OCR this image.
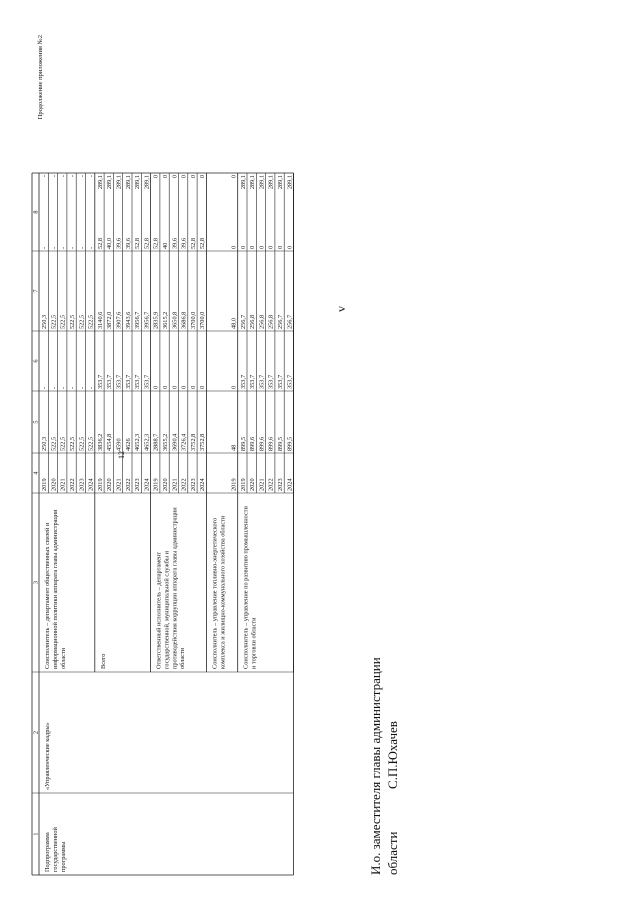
12
Продолжение приложения №2
1
2
3
4
5
6
7
8
2019
250,3
-
250,3
-
-
2020
522,5
-
522,5
-
-
2021
522,5
-
522,5
-
-
2022
522,5
-
522,5
-
-
2023
522,5
-
522,5
-
-
2024
522,5
-
522,5
-
-
Соисполнитель – департамент общественных связей иинформационной политики аппарата главы администрацииобласти
2019
3836,2
353,7
3140,6
52,8
289,1
2020
4554,8
353,7
3872,0
40,0
289,1
2021
4590
353,7
3907,6
39,6
289,1
2022
4626
353,7
3943,6
39,6
289,1
2023
4652,3
353,7
3956,7
52,8
289,1
2024
4652,3
353,7
3956,7
52,8
289,1
Всего
2019
2888,7
0
2835,9
52,8
0
2020
3655,2
0
3615,2
40
0
2021
3690,4
0
3650,8
39,6
0
2022
3726,4
0
3686,8
39,6
0
2023
3752,8
0
3700,0
52,8
0
2024
3752,8
0
3700,0
52,8
0
Ответственный исполнитель – департаментгосударственной, муниципальной службы ипротиводействия коррупции аппарата главы администрацииобласти
2019
48
0
48,0
0
0
Соисполнитель – управление топливно-энергетическогокомплекса и жилищно-коммунального хозяйства области
2019
899,5
353,7
256,7
0
289,1
2020
899,6
353,7
256,8
0
289,1
2021
899,6
353,7
256,8
0
289,1
2022
899,6
353,7
256,8
0
289,1
2023
899,5
353,7
256,7
0
289,1
2024
899,5
353,7
256,7
0
289,1
Соисполнитель – управление по развитию промышленностии торговли области
Подпрограммагосударственнойпрограммы
«Управленческие кадры»	И.о. заместителя главы администрации области
С.П.Юхачев
v
